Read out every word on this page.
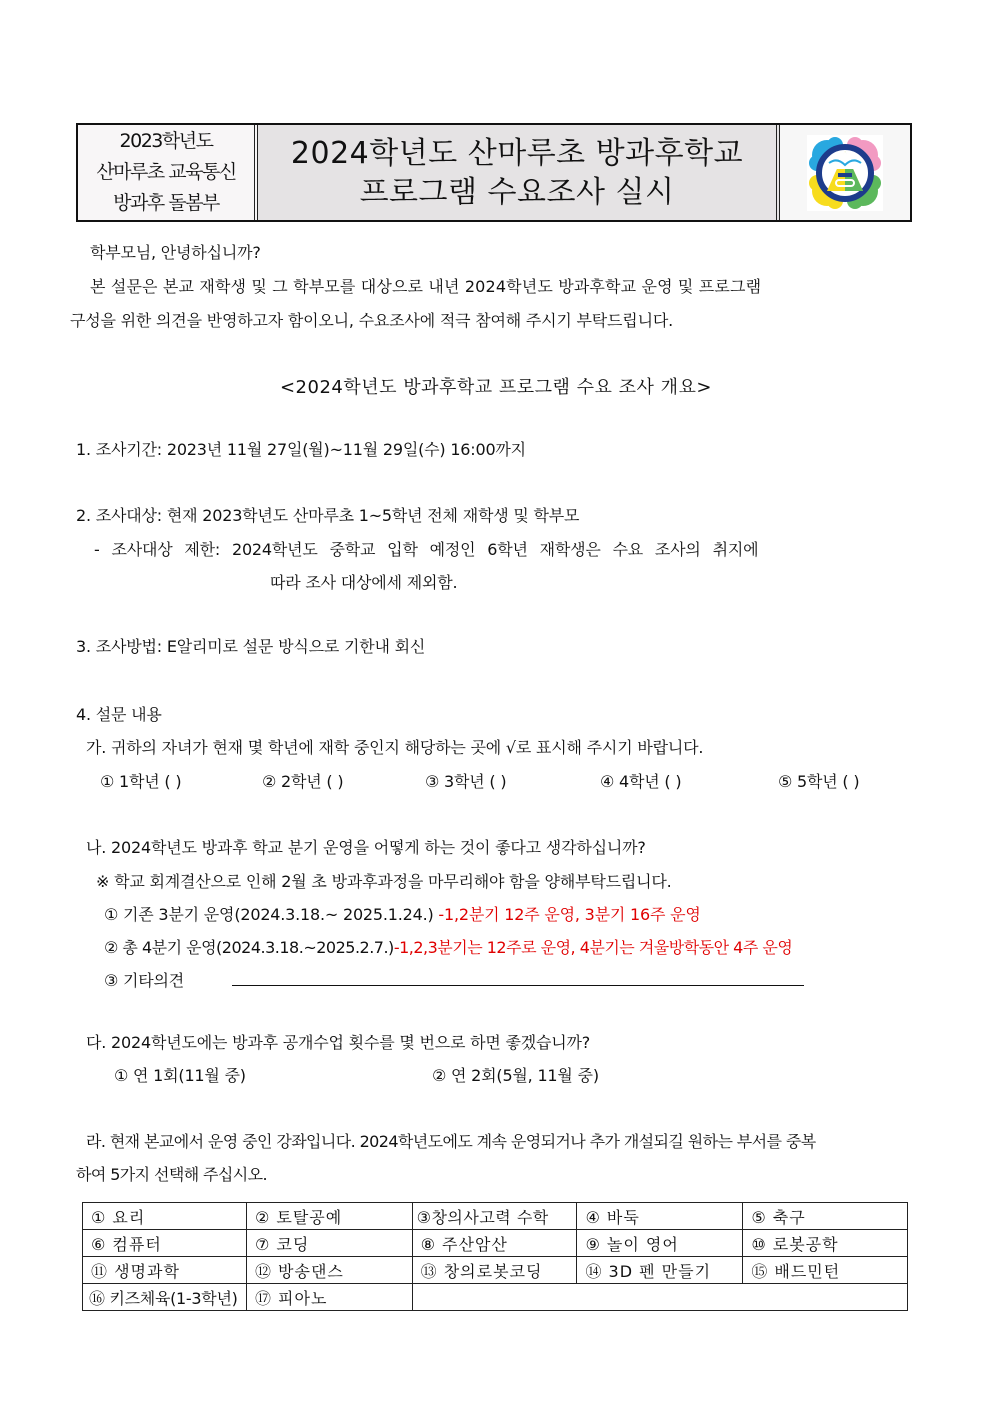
2023학년도
산마루초 교육통신
방과후 돌봄부
2024학년도 산마루초 방과후학교
프로그램 수요조사 실시
학부모님, 안녕하십니까?
본 설문은 본교 재학생 및 그 학부모를 대상으로 내년 2024학년도 방과후학교 운영 및 프로그램
구성을 위한 의견을 반영하고자 함이오니, 수요조사에 적극 참여해 주시기 부탁드립니다.
<2024학년도 방과후학교 프로그램 수요 조사 개요>
1. 조사기간: 2023년 11월 27일(월)~11월 29일(수) 16:00까지
2. 조사대상: 현재 2023학년도 산마루초 1~5학년 전체 재학생 및 학부모
- 조사대상 제한: 2024학년도 중학교 입학 예정인 6학년 재학생은 수요 조사의 취지에
따라 조사 대상에세 제외함.
3. 조사방법: E알리미로 설문 방식으로 기한내 회신
4. 설문 내용
가. 귀하의 자녀가 현재 몇 학년에 재학 중인지 해당하는 곳에 √로 표시해 주시기 바랍니다.
① 1학년 ( )	② 2학년 ( )	③ 3학년 ( )	④ 4학년 ( )	⑤ 5학년 ( )
나. 2024학년도 방과후 학교 분기 운영을 어떻게 하는 것이 좋다고 생각하십니까?
※ 학교 회계결산으로 인해 2월 초 방과후과정을 마무리해야 함을 양해부탁드립니다.
① 기존 3분기 운영(2024.3.18.~ 2025.1.24.) -1,2분기 12주 운영, 3분기 16주 운영
② 총 4분기 운영(2024.3.18.~2025.2.7.)-1,2,3분기는 12주로 운영, 4분기는 겨울방학동안 4주 운영
③ 기타의견
다. 2024학년도에는 방과후 공개수업 횟수를 몇 번으로 하면 좋겠습니까?
① 연 1회(11월 중)	② 연 2회(5월, 11월 중)
라. 현재 본교에서 운영 중인 강좌입니다. 2024학년도에도 계속 운영되거나 추가 개설되길 원하는 부서를 중복
하여 5가지 선택해 주십시오.
① 요리	② 토탈공예	③창의사고력 수학	④ 바둑	⑤ 축구
⑥ 컴퓨터	⑦ 코딩	⑧ 주산암산	⑨ 놀이 영어	⑩ 로봇공학
⑪ 생명과학	⑫ 방송댄스	⑬ 창의로봇코딩	⑭ 3D 펜 만들기	⑮ 배드민턴
⑯ 키즈체육(1-3학년)	⑰ 피아노			
